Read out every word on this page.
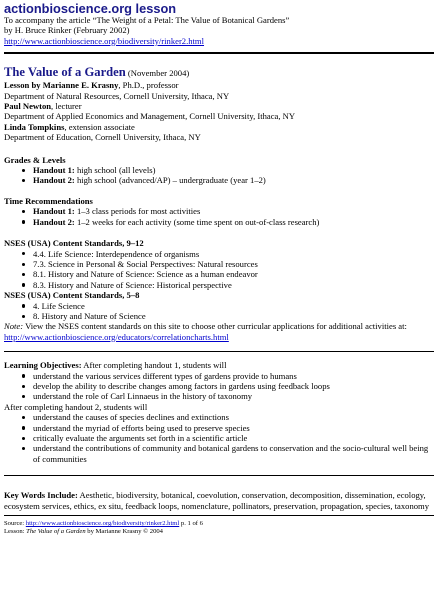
actionbioscience.org lesson
To accompany the article “The Weight of a Petal: The Value of Botanical Gardens”
by H. Bruce Rinker (February 2002)
http://www.actionbioscience.org/biodiversity/rinker2.html
The Value of a Garden (November 2004)
Lesson by Marianne E. Krasny, Ph.D., professor
Department of Natural Resources, Cornell University, Ithaca, NY
Paul Newton, lecturer
Department of Applied Economics and Management, Cornell University, Ithaca, NY
Linda Tompkins, extension associate
Department of Education, Cornell University, Ithaca, NY
Grades & Levels
Handout 1: high school (all levels)
Handout 2: high school (advanced/AP) – undergraduate (year 1–2)
Time Recommendations
Handout 1: 1–3 class periods for most activities
Handout 2: 1–2 weeks for each activity (some time spent on out-of-class research)
NSES (USA) Content Standards, 9–12
4.4. Life Science: Interdependence of organisms
7.3. Science in Personal & Social Perspectives: Natural resources
8.1. History and Nature of Science: Science as a human endeavor
8.3. History and Nature of Science: Historical perspective
NSES (USA) Content Standards, 5–8
4. Life Science
8. History and Nature of Science
Note: View the NSES content standards on this site to choose other curricular applications for additional activities at: http://www.actionbioscience.org/educators/correlationcharts.html
Learning Objectives: After completing handout 1, students will
understand the various services different types of gardens provide to humans
develop the ability to describe changes among factors in gardens using feedback loops
understand the role of Carl Linnaeus in the history of taxonomy
After completing handout 2, students will
understand the causes of species declines and extinctions
understand the myriad of efforts being used to preserve species
critically evaluate the arguments set forth in a scientific article
understand the contributions of community and botanical gardens to conservation and the socio-cultural well being of communities
Key Words Include: Aesthetic, biodiversity, botanical, coevolution, conservation, decomposition, dissemination, ecology, ecosystem services, ethics, ex situ, feedback loops, nomenclature, pollinators, preservation, propagation, species, taxonomy
Source: http://www.actionbioscience.org/biodiversity/rinker2.html p. 1 of 6
Lesson: The Value of a Garden by Marianne Krasny © 2004
